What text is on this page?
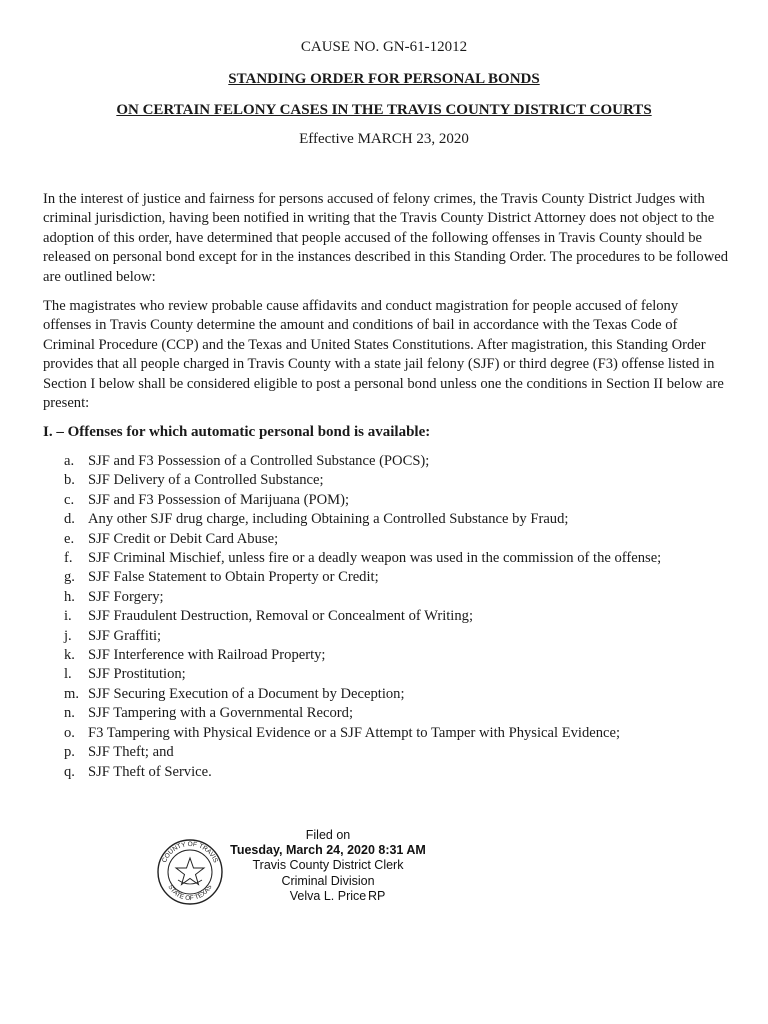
CAUSE NO. GN-61-12012
STANDING ORDER FOR PERSONAL BONDS
ON CERTAIN FELONY CASES IN THE TRAVIS COUNTY DISTRICT COURTS
Effective MARCH 23, 2020

In the interest of justice and fairness for persons accused of felony crimes, the Travis County District Judges with criminal jurisdiction, having been notified in writing that the Travis County District Attorney does not object to the adoption of this order, have determined that people accused of the following offenses in Travis County should be released on personal bond except for in the instances described in this Standing Order. The procedures to be followed are outlined below:

The magistrates who review probable cause affidavits and conduct magistration for people accused of felony offenses in Travis County determine the amount and conditions of bail in accordance with the Texas Code of Criminal Procedure (CCP) and the Texas and United States Constitutions. After magistration, this Standing Order provides that all people charged in Travis County with a state jail felony (SJF) or third degree (F3) offense listed in Section I below shall be considered eligible to post a personal bond unless one the conditions in Section II below are present:

I. – Offenses for which automatic personal bond is available:
a. SJF and F3 Possession of a Controlled Substance (POCS);
b. SJF Delivery of a Controlled Substance;
c. SJF and F3 Possession of Marijuana (POM);
d. Any other SJF drug charge, including Obtaining a Controlled Substance by Fraud;
e. SJF Credit or Debit Card Abuse;
f.	SJF Criminal Mischief, unless fire or a deadly weapon was used in the commission of the offense;
g. SJF False Statement to Obtain Property or Credit;
h. SJF Forgery;
i.	SJF Fraudulent Destruction, Removal or Concealment of Writing;
j.	SJF Graffiti;
k. SJF Interference with Railroad Property;
l.	SJF Prostitution;
m. SJF Securing Execution of a Document by Deception;
n. SJF Tampering with a Governmental Record;
o. F3 Tampering with Physical Evidence or a SJF Attempt to Tamper with Physical Evidence;
p. SJF Theft; and
q. SJF Theft of Service.
COUNTY OF TRAVIS
STATE OF TEXAS
Filed on
Tuesday, March 24, 2020 8:31 AM
Travis County District Clerk
Criminal Division
Velva L. Price RP
